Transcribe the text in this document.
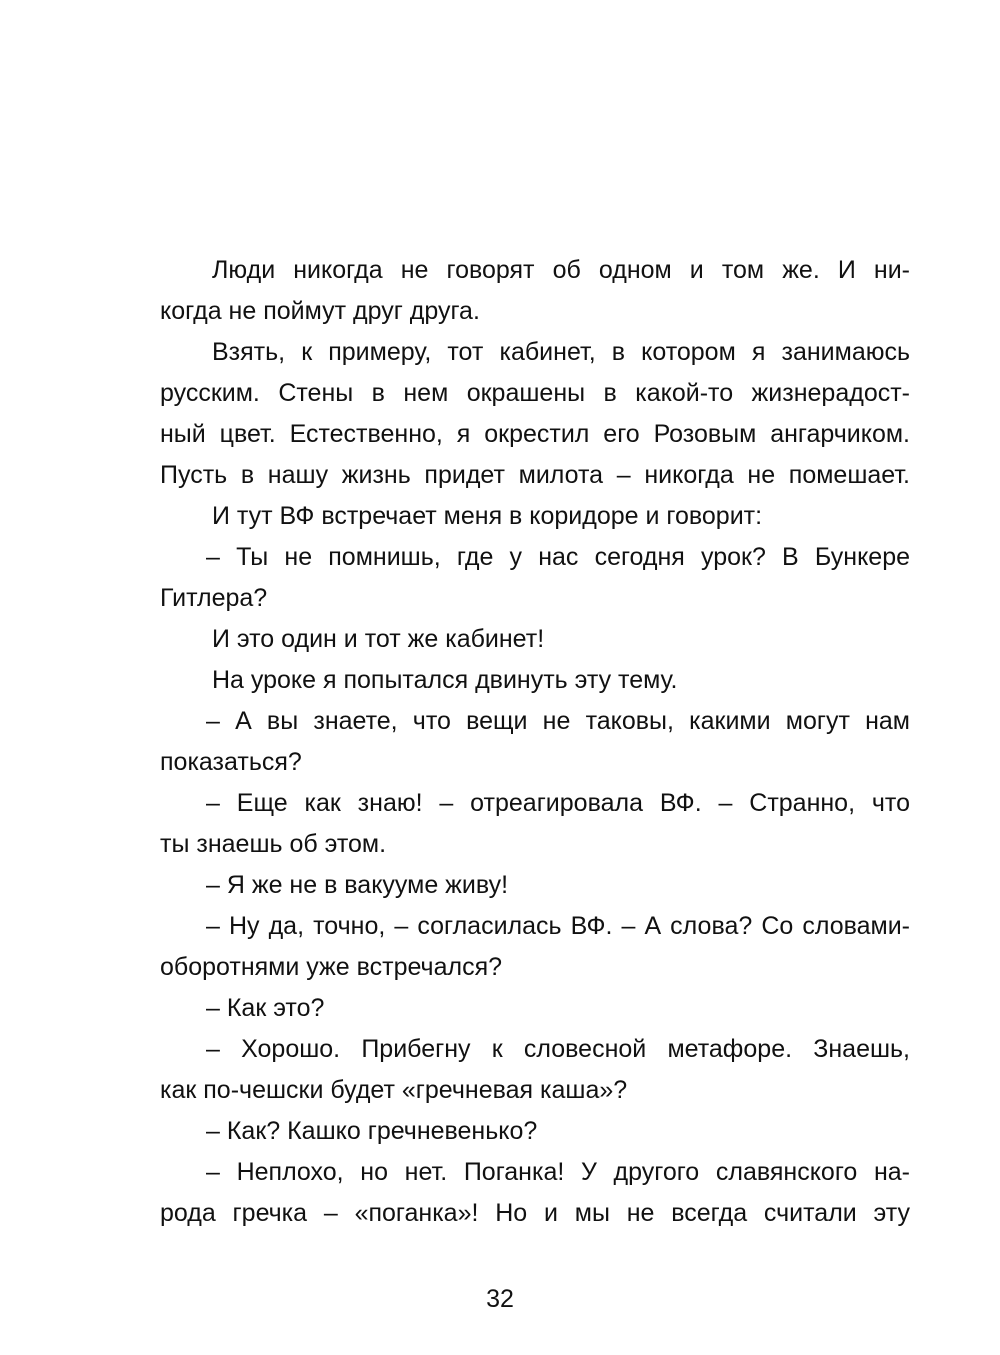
Люди никогда не говорят об одном и том же. И ни-
когда не поймут друг друга.
Взять, к примеру, тот кабинет, в котором я занимаюсь
русским. Стены в нем окрашены в какой-то жизнерадост-
ный цвет. Естественно, я окрестил его Розовым ангарчиком.
Пусть в нашу жизнь придет милота – никогда не помешает.
И тут ВФ встречает меня в коридоре и говорит:
– Ты не помнишь, где у нас сегодня урок? В Бункере
Гитлера?
И это один и тот же кабинет!
На уроке я попытался двинуть эту тему.
– А вы знаете, что вещи не таковы, какими могут нам
показаться?
– Еще как знаю! – отреагировала ВФ. – Странно, что
ты знаешь об этом.
– Я же не в вакууме живу!
– Ну да, точно, – согласилась ВФ. – А слова? Со словами-
оборотнями уже встречался?
– Как это?
– Хорошо. Прибегну к словесной метафоре. Знаешь,
как по-чешски будет «гречневая каша»?
– Как? Кашко гречневенько?
– Неплохо, но нет. Поганка! У другого славянского на-
рода гречка – «поганка»! Но и мы не всегда считали эту
32
